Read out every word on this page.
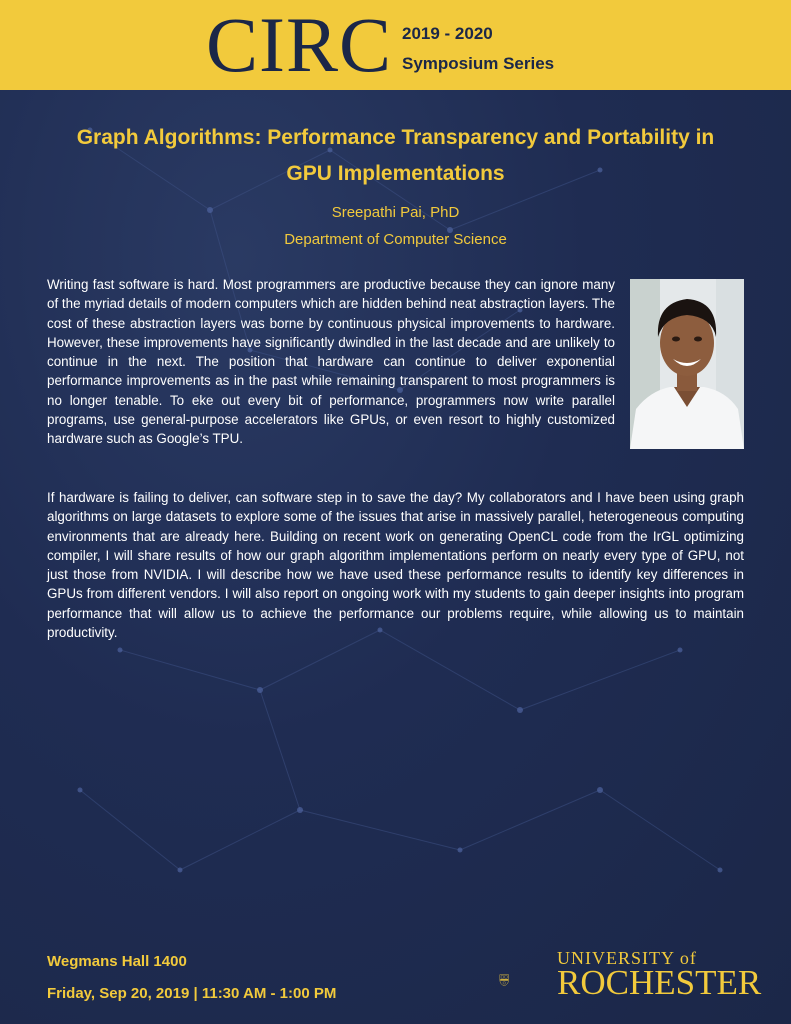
CIRC 2019 - 2020
Symposium Series
Graph Algorithms: Performance Transparency and Portability in GPU Implementations
Sreepathi Pai, PhD
Department of Computer Science
Writing fast software is hard. Most programmers are productive because they can ignore many of the myriad details of modern computers which are hidden behind neat abstraction layers. The cost of these abstraction layers was borne by continuous physical improvements to hardware. However, these improvements have significantly dwindled in the last decade and are unlikely to continue in the next. The position that hardware can continue to deliver exponential performance improvements as in the past while remaining transparent to most programmers is no longer tenable. To eke out every bit of performance, programmers now write parallel programs, use general-purpose accelerators like GPUs, or even resort to highly customized hardware such as Google’s TPU.
If hardware is failing to deliver, can software step in to save the day? My collaborators and I have been using graph algorithms on large datasets to explore some of the issues that arise in massively parallel, heterogeneous computing environments that are already here. Building on recent work on generating OpenCL code from the IrGL optimizing compiler, I will share results of how our graph algorithm implementations perform on nearly every type of GPU, not just those from NVIDIA. I will describe how we have used these performance results to identify key differences in GPUs from different vendors. I will also report on ongoing work with my students to gain deeper insights into program performance that will allow us to achieve the performance our problems require, while allowing us to maintain productivity.
Wegmans Hall 1400
Friday, Sep 20, 2019 | 11:30 AM - 1:00 PM
UNIVERSITY of
ROCHESTER
